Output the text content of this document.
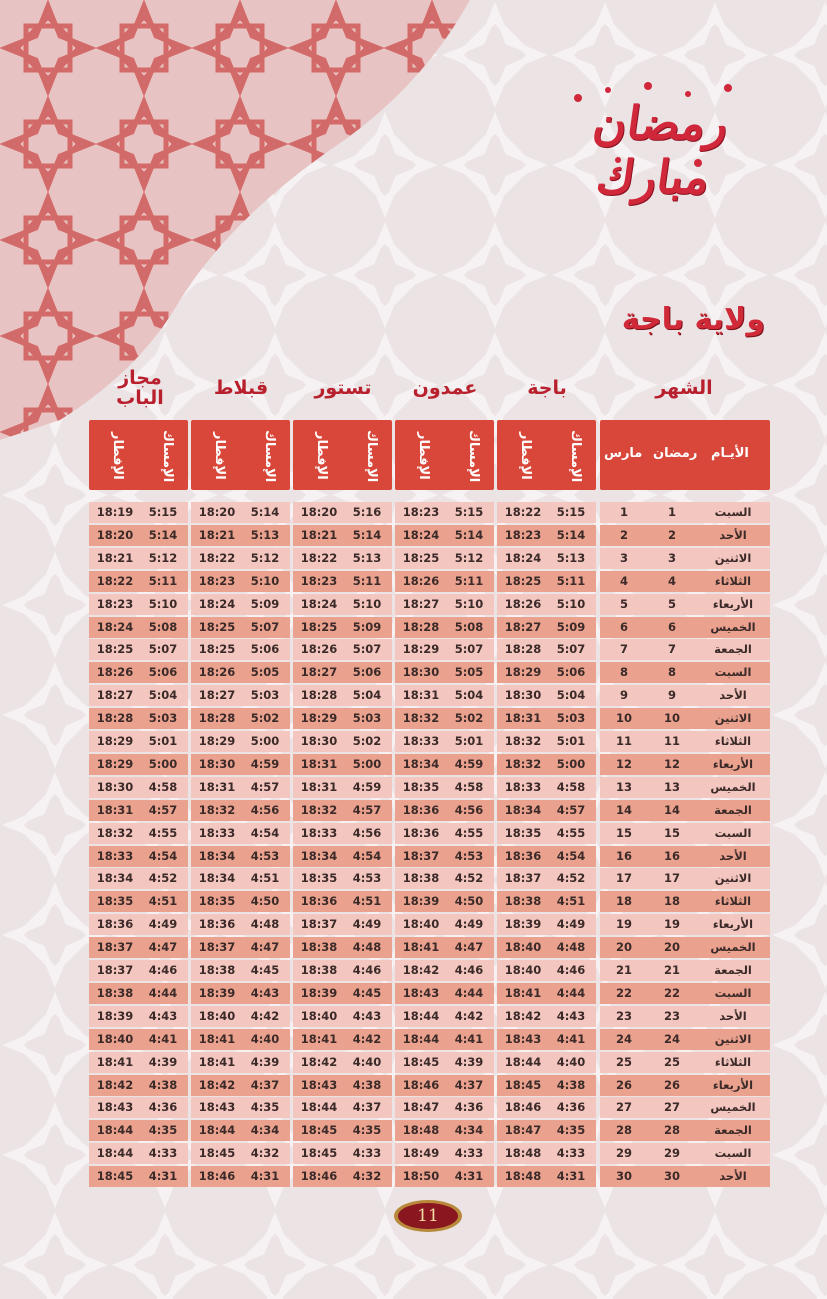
رمضان مبارك
ولاية باجة
الشهر
باجة
عمدون
تستور
قبلاط
مجاز الباب
الأيـام
رمضان
مارس
الإمساك
الإفطار
الإمساك
الإفطار
الإمساك
الإفطار
الإمساك
الإفطار
الإمساك
الإفطار
السبت
1
1
5:15
18:22
5:15
18:23
5:16
18:20
5:14
18:20
5:15
18:19
الأحد
2
2
5:14
18:23
5:14
18:24
5:14
18:21
5:13
18:21
5:14
18:20
الاثنين
3
3
5:13
18:24
5:12
18:25
5:13
18:22
5:12
18:22
5:12
18:21
الثلاثاء
4
4
5:11
18:25
5:11
18:26
5:11
18:23
5:10
18:23
5:11
18:22
الأربعاء
5
5
5:10
18:26
5:10
18:27
5:10
18:24
5:09
18:24
5:10
18:23
الخميس
6
6
5:09
18:27
5:08
18:28
5:09
18:25
5:07
18:25
5:08
18:24
الجمعة
7
7
5:07
18:28
5:07
18:29
5:07
18:26
5:06
18:25
5:07
18:25
السبت
8
8
5:06
18:29
5:05
18:30
5:06
18:27
5:05
18:26
5:06
18:26
الأحد
9
9
5:04
18:30
5:04
18:31
5:04
18:28
5:03
18:27
5:04
18:27
الاثنين
10
10
5:03
18:31
5:02
18:32
5:03
18:29
5:02
18:28
5:03
18:28
الثلاثاء
11
11
5:01
18:32
5:01
18:33
5:02
18:30
5:00
18:29
5:01
18:29
الأربعاء
12
12
5:00
18:32
4:59
18:34
5:00
18:31
4:59
18:30
5:00
18:29
الخميس
13
13
4:58
18:33
4:58
18:35
4:59
18:31
4:57
18:31
4:58
18:30
الجمعة
14
14
4:57
18:34
4:56
18:36
4:57
18:32
4:56
18:32
4:57
18:31
السبت
15
15
4:55
18:35
4:55
18:36
4:56
18:33
4:54
18:33
4:55
18:32
الأحد
16
16
4:54
18:36
4:53
18:37
4:54
18:34
4:53
18:34
4:54
18:33
الاثنين
17
17
4:52
18:37
4:52
18:38
4:53
18:35
4:51
18:34
4:52
18:34
الثلاثاء
18
18
4:51
18:38
4:50
18:39
4:51
18:36
4:50
18:35
4:51
18:35
الأربعاء
19
19
4:49
18:39
4:49
18:40
4:49
18:37
4:48
18:36
4:49
18:36
الخميس
20
20
4:48
18:40
4:47
18:41
4:48
18:38
4:47
18:37
4:47
18:37
الجمعة
21
21
4:46
18:40
4:46
18:42
4:46
18:38
4:45
18:38
4:46
18:37
السبت
22
22
4:44
18:41
4:44
18:43
4:45
18:39
4:43
18:39
4:44
18:38
الأحد
23
23
4:43
18:42
4:42
18:44
4:43
18:40
4:42
18:40
4:43
18:39
الاثنين
24
24
4:41
18:43
4:41
18:44
4:42
18:41
4:40
18:41
4:41
18:40
الثلاثاء
25
25
4:40
18:44
4:39
18:45
4:40
18:42
4:39
18:41
4:39
18:41
الأربعاء
26
26
4:38
18:45
4:37
18:46
4:38
18:43
4:37
18:42
4:38
18:42
الخميس
27
27
4:36
18:46
4:36
18:47
4:37
18:44
4:35
18:43
4:36
18:43
الجمعة
28
28
4:35
18:47
4:34
18:48
4:35
18:45
4:34
18:44
4:35
18:44
السبت
29
29
4:33
18:48
4:33
18:49
4:33
18:45
4:32
18:45
4:33
18:44
الأحد
30
30
4:31
18:48
4:31
18:50
4:32
18:46
4:31
18:46
4:31
18:45
11
